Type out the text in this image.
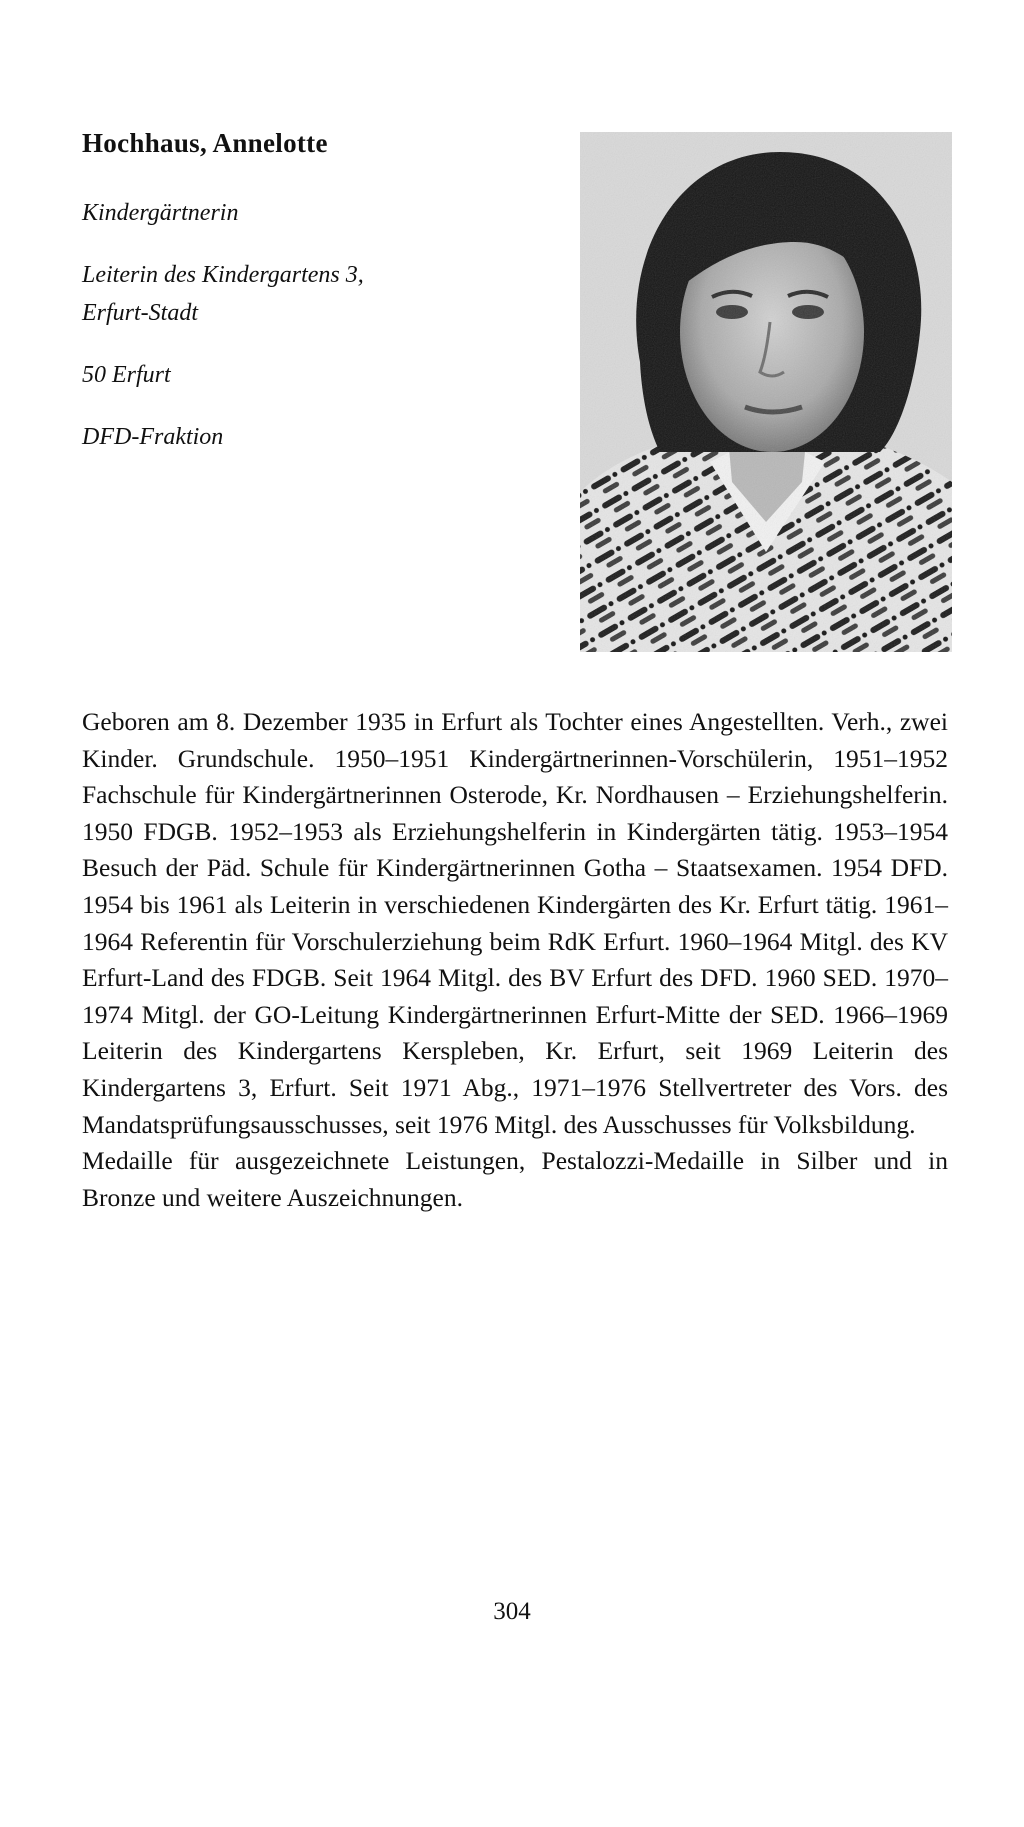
Hochhaus, Annelotte

Kindergärtnerin

Leiterin des Kindergartens 3,
Erfurt-Stadt

50 Erfurt

DFD-Fraktion

Geboren am 8. Dezember 1935 in Erfurt als Tochter eines Angestellten. Verh., zwei Kinder. Grundschule. 1950–1951 Kindergärtnerinnen-Vorschülerin, 1951–1952 Fachschule für Kindergärtnerinnen Osterode, Kr. Nordhausen – Erziehungshelferin. 1950 FDGB. 1952–1953 als Erziehungshelferin in Kindergärten tätig. 1953–1954 Besuch der Päd. Schule für Kindergärtnerinnen Gotha – Staatsexamen. 1954 DFD. 1954 bis 1961 als Leiterin in verschiedenen Kindergärten des Kr. Erfurt tätig. 1961–1964 Referentin für Vorschulerziehung beim RdK Erfurt. 1960–1964 Mitgl. des KV Erfurt-Land des FDGB. Seit 1964 Mitgl. des BV Erfurt des DFD. 1960 SED. 1970–1974 Mitgl. der GO-Leitung Kindergärtnerinnen Erfurt-Mitte der SED. 1966–1969 Leiterin des Kindergartens Kerspleben, Kr. Erfurt, seit 1969 Leiterin des Kindergartens 3, Erfurt. Seit 1971 Abg., 1971–1976 Stellvertreter des Vors. des Mandatsprüfungsausschusses, seit 1976 Mitgl. des Ausschusses für Volksbildung.

Medaille für ausgezeichnete Leistungen, Pestalozzi-Medaille in Silber und in Bronze und weitere Auszeichnungen.

304
